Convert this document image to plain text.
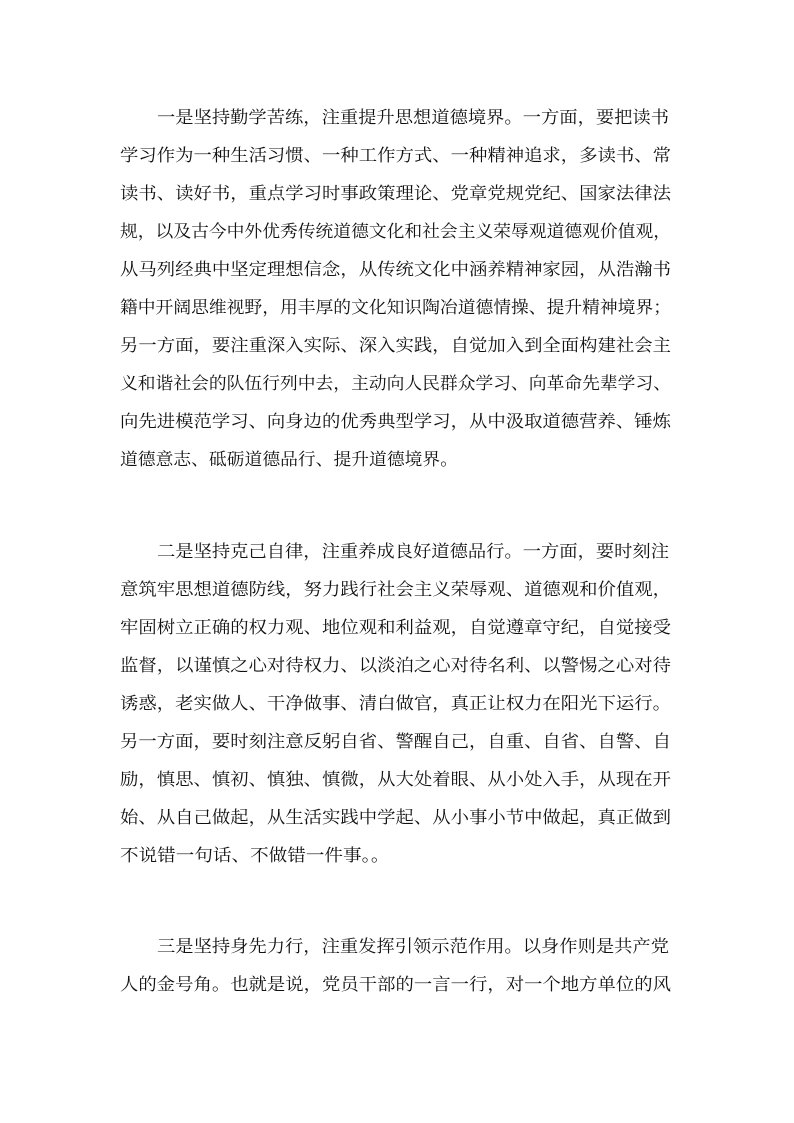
一是坚持勤学苦练，注重提升思想道德境界。一方面，要把读书
学习作为一种生活习惯、一种工作方式、一种精神追求，多读书、常
读书、读好书，重点学习时事政策理论、党章党规党纪、国家法律法
规，以及古今中外优秀传统道德文化和社会主义荣辱观道德观价值观，
从马列经典中坚定理想信念，从传统文化中涵养精神家园，从浩瀚书
籍中开阔思维视野，用丰厚的文化知识陶冶道德情操、提升精神境界；
另一方面，要注重深入实际、深入实践，自觉加入到全面构建社会主
义和谐社会的队伍行列中去，主动向人民群众学习、向革命先辈学习、
向先进模范学习、向身边的优秀典型学习，从中汲取道德营养、锤炼
道德意志、砥砺道德品行、提升道德境界。
二是坚持克己自律，注重养成良好道德品行。一方面，要时刻注
意筑牢思想道德防线，努力践行社会主义荣辱观、道德观和价值观，
牢固树立正确的权力观、地位观和利益观，自觉遵章守纪，自觉接受
监督，以谨慎之心对待权力、以淡泊之心对待名利、以警惕之心对待
诱惑，老实做人、干净做事、清白做官，真正让权力在阳光下运行。
另一方面，要时刻注意反躬自省、警醒自己，自重、自省、自警、自
励，慎思、慎初、慎独、慎微，从大处着眼、从小处入手，从现在开
始、从自己做起，从生活实践中学起、从小事小节中做起，真正做到
不说错一句话、不做错一件事。。
三是坚持身先力行，注重发挥引领示范作用。以身作则是共产党
人的金号角。也就是说，党员干部的一言一行，对一个地方单位的风
